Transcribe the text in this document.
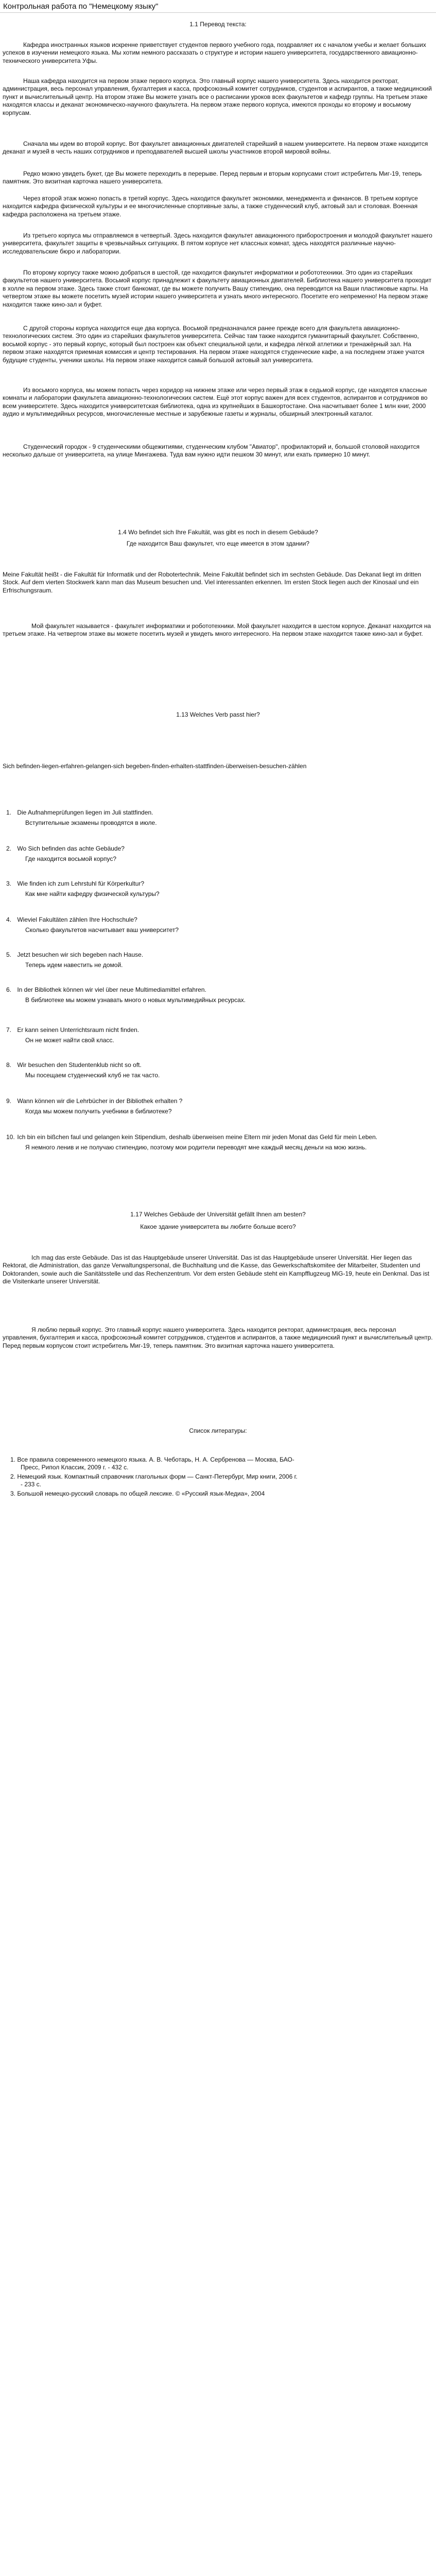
Контрольная работа по "Немецкому языку"

1.1 Перевод текста:

Кафедра иностранных языков искренне приветствует студентов первого учебного года, поздравляет их с началом учебы и желает больших успехов в изучении немецкого языка. Мы хотим немного рассказать о структуре и истории нашего университета, государственного авиационно-технического университета Уфы.

Наша кафедра находится на первом этаже первого корпуса. Это главный корпус нашего университета. Здесь находится ректорат, администрация, весь персонал управления, бухгалтерия и касса, профсоюзный комитет сотрудников, студентов и аспирантов, а также медицинский пункт и вычислительный центр. На втором этаже Вы можете узнать все о расписании уроков всех факультетов и кафедр группы. На третьем этаже находятся классы и деканат экономическо-научного факультета. На первом этаже первого корпуса, имеются проходы ко второму и восьмому корпусам.

Сначала мы идем во второй корпус. Вот факультет авиационных двигателей старейший в нашем университете. На первом этаже находится деканат и музей в честь наших сотрудников и преподавателей высшей школы участников второй мировой войны.

Редко можно увидеть букет, где Вы можете переходить в перерыве. Перед первым и вторым корпусами стоит истребитель Миг-19, теперь памятник. Это визитная карточка нашего университета.

Через второй этаж можно попасть в третий корпус. Здесь находится факультет экономики, менеджмента и финансов. В третьем корпусе находится кафедра физической культуры и ее многочисленные спортивные залы, а также студенческий клуб, актовый зал и столовая. Военная кафедра расположена на третьем этаже.

Из третьего корпуса мы отправляемся в четвертый. Здесь находится факультет авиационного приборостроения и молодой факультет нашего университета, факультет защиты в чрезвычайных ситуациях. В пятом корпусе нет классных комнат, здесь находятся различные научно-исследовательские бюро и лаборатории.

По второму корпусу также можно добраться в шестой, где находится факультет информатики и робототехники. Это один из старейших факультетов нашего университета. Восьмой корпус принадлежит к факультету авиационных двигателей. Библиотека нашего университета проходит в холле на первом этаже. Здесь также стоит банкомат, где вы можете получить Вашу стипендию, она переводится на Ваши пластиковые карты. На четвертом этаже вы можете посетить музей истории нашего университета и узнать много интересного. Посетите его непременно! На первом этаже находится также кино-зал и буфет.

С другой стороны корпуса находится еще два корпуса. Восьмой предназначался ранее прежде всего для факультета авиационно-технологических систем. Это один из старейших факультетов университета. Сейчас там также находится гуманитарный факультет. Собственно, восьмой корпус - это первый корпус, который был построен как объект специальной цели, и кафедра лёгкой атлетики и тренажёрный зал. На первом этаже находятся приемная комиссия и центр тестирования. На первом этаже находятся студенческие кафе, а на последнем этаже учатся будущие студенты, ученики школы. На первом этаже находится самый большой актовый зал университета.

Из восьмого корпуса, мы можем попасть через коридор на нижнем этаже или через первый этаж в седьмой корпус, где находятся классные комнаты и лаборатории факультета авиационно-технологических систем. Ещё этот корпус важен для всех студентов, аспирантов и сотрудников во всем университете. Здесь находится университетская библиотека, одна из крупнейших в Башкортостане. Она насчитывает более 1 млн книг, 2000 аудио и мультимедийных ресурсов, многочисленные местные и зарубежные газеты и журналы, обширный электронный каталог.

Студенческий городок - 9 студенческими общежитиями, студенческим клубом "Авиатор", профилакторий и, большой столовой находится несколько дальше от университета, на улице Мингажева. Туда вам нужно идти пешком 30 минут, или ехать примерно 10 минут.

1.4 Wo befindet sich Ihre Fakultät, was gibt es noch in diesem Gebäude?

Где находится Ваш факультет, что еще имеется в этом здании?

Meine Fakultät heißt - die Fakultät für Informatik und der Robotertechnik. Meine Fakultät befindet sich im sechsten Gebäude. Das Dekanat liegt im dritten Stock. Auf dem vierten Stockwerk kann man das Museum besuchen und. Viel interessanten erkennen. Im ersten Stock liegen auch der Kinosaal und ein Erfrischungsraum.

Мой факультет называется - факультет информатики и робототехники. Мой факультет находится в шестом корпусе. Деканат находится на третьем этаже. На четвертом этаже вы можете посетить музей и увидеть много интересного. На первом этаже находится также кино-зал и буфет.

1.13 Welches Verb passt hier?

Sich befinden-liegen-erfahren-gelangen-sich begeben-finden-erhalten-stattfinden-überweisen-besuchen-zählen

1. Die Aufnahmeprüfungen liegen im Juli stattfinden.
Вступительные экзамены проводятся в июле.
2. Wo Sich befinden das achte Gebäude?
Где находится восьмой корпус?
3. Wie finden ich zum Lehrstuhl für Körperkultur?
Как мне найти кафедру физической культуры?
4. Wieviel Fakultäten zählen Ihre Hochschule?
Сколько факультетов насчитывает ваш университет?
5. Jetzt besuchen wir sich begeben nach Hause.
Теперь идем навестить не домой.
6. In der Bibliothek können wir viel über neue Multimediamittel erfahren.
В библиотеке мы можем узнавать много о новых мультимедийных ресурсах.
7. Er kann seinen Unterrichtsraum nicht finden.
Он не может найти свой класс.
8. Wir besuchen den Studentenklub nicht so oft.
Мы посещаем студенческий клуб не так часто.
9. Wann können wir die Lehrbücher in der Bibliothek erhalten ?
Когда мы можем получить учебники в библиотеке?
10. Ich bin ein bißchen faul und gelangen kein Stipendium, deshalb überweisen meine Eltern mir jeden Monat das Geld für mein Leben.
Я немного ленив и не получаю стипендию, поэтому мои родители переводят мне каждый месяц деньги на мою жизнь.

1.17 Welches Gebäude der Universität gefällt Ihnen am besten?

Какое здание университета вы любите больше всего?

Ich mag das erste Gebäude. Das ist das Hauptgebäude unserer Universität. Das ist das Hauptgebäude unserer Universität. Hier liegen das Rektorat, die Administration, das ganze Verwaltungspersonal, die Buchhaltung und die Kasse, das Gewerkschaftskomitee der Mitarbeiter, Studenten und Doktoranden, sowie auch die Sanitätsstelle und das Rechenzentrum. Vor dem ersten Gebäude steht ein Kampfflugzeug MiG-19, heute ein Denkmal. Das ist die Visitenkarte unserer Universität.

Я люблю первый корпус. Это главный корпус нашего университета. Здесь находится ректорат, администрация, весь персонал управления, бухгалтерия и касса, профсоюзный комитет сотрудников, студентов и аспирантов, а также медицинский пункт и вычислительный центр. Перед первым корпусом стоит истребитель Миг-19, теперь памятник. Это визитная карточка нашего университета.

Список литературы:

1. Все правила современного немецкого языка. А. В. Чеботарь, Н. А. Сербренова — Москва, БАО-Пресс, Рипол Классик, 2009 г. - 432 с.
2. Немецкий язык. Компактный справочник глагольных форм — Санкт-Петербург, Мир книги, 2006 г. - 233 с.
3. Большой немецко-русский словарь по общей лексике. © «Русский язык-Медиа», 2004
